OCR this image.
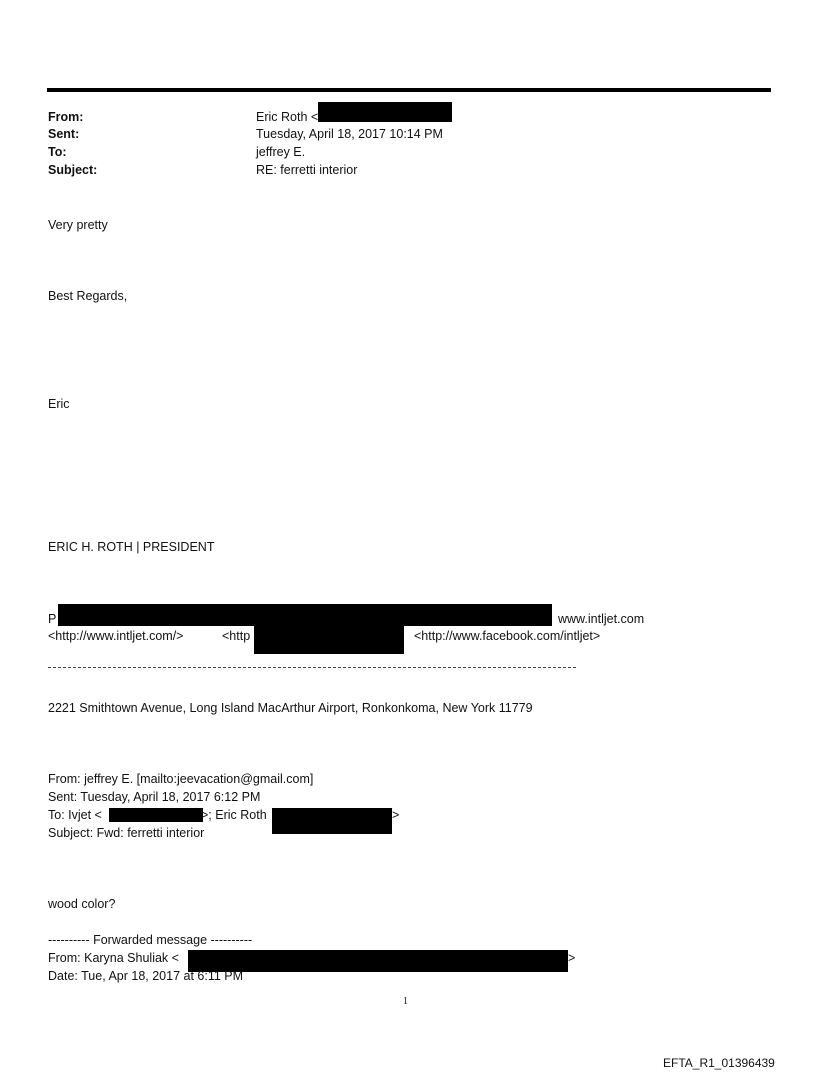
From:	Eric Roth <
Sent:	Tuesday, April 18, 2017 10:14 PM
To:	jeffrey E.
Subject:	RE: ferretti interior
Very pretty
Best Regards,
Eric
ERIC H. ROTH | PRESIDENT
P	www.intljet.com
<http://www.intljet.com/>	<http	<http://www.facebook.com/intljet>
2221 Smithtown Avenue, Long Island MacArthur Airport, Ronkonkoma, New York 11779
From: jeffrey E. [mailto:jeevacation@gmail.com]
Sent: Tuesday, April 18, 2017 6:12 PM
To: Ivjet <	>; Eric Roth	>
Subject: Fwd: ferretti interior
wood color?
---------- Forwarded message ----------
From: Karyna Shuliak <	>
Date: Tue, Apr 18, 2017 at 6:11 PM
1
EFTA_R1_01396439
